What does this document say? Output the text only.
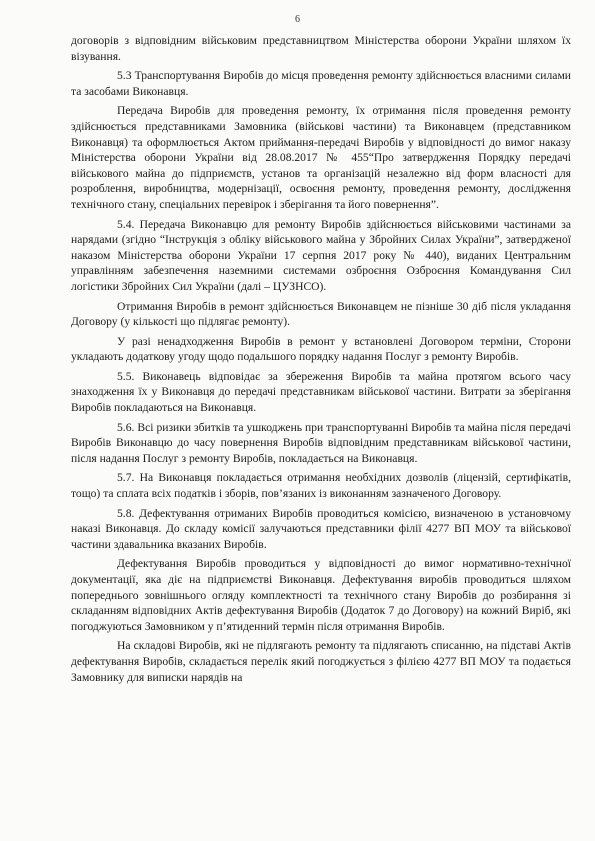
6

договорів з відповідним військовим представництвом Міністерства оборони України шляхом їх візування.

5.3 Транспортування Виробів до місця проведення ремонту здійснюється власними силами та засобами Виконавця.

Передача Виробів для проведення ремонту, їх отримання після проведення ремонту здійснюється представниками Замовника (військові частини) та Виконавцем (представником Виконавця) та оформлюється Актом приймання-передачі Виробів у відповідності до вимог наказу Міністерства оборони України від 28.08.2017 № 455“Про затвердження Порядку передачі військового майна до підприємств, установ та організацій незалежно від форм власності для розроблення, виробництва, модернізації, освоєння ремонту, проведення ремонту, дослідження технічного стану, спеціальних перевірок і зберігання та його повернення”.

5.4. Передача Виконавцю для ремонту Виробів здійснюється військовими частинами за нарядами (згідно “Інструкція з обліку військового майна у Збройних Силах України”, затвердженої наказом Міністерства оборони України 17 серпня 2017 року № 440), виданих Центральним управлінням забезпечення наземними системами озброєння Озброєння Командування Сил логістики Збройних Сил України (далі – ЦУЗНСО).

Отримання Виробів в ремонт здійснюється Виконавцем не пізніше 30 діб після укладання Договору (у кількості що підлягає ремонту).

У разі ненадходження Виробів в ремонт у встановлені Договором терміни, Сторони укладають додаткову угоду щодо подальшого порядку надання Послуг з ремонту Виробів.

5.5. Виконавець відповідає за збереження Виробів та майна протягом всього часу знаходження їх у Виконавця до передачі представникам військової частини. Витрати за зберігання Виробів покладаються на Виконавця.

5.6. Всі ризики збитків та ушкоджень при транспортуванні Виробів та майна після передачі Виробів Виконавцю до часу повернення Виробів відповідним представникам військової частини, після надання Послуг з ремонту Виробів, покладається на Виконавця.

5.7. На Виконавця покладається отримання необхідних дозволів (ліцензій, сертифікатів, тощо) та сплата всіх податків і зборів, пов’язаних із виконанням зазначеного Договору.

5.8. Дефектування отриманих Виробів проводиться комісією, визначеною в установчому наказі Виконавця. До складу комісії залучаються представники філії 4277 ВП МОУ та військової частини здавальника вказаних Виробів.

Дефектування Виробів проводиться у відповідності до вимог нормативно-технічної документації, яка діє на підприємстві Виконавця. Дефектування виробів проводиться шляхом попереднього зовнішнього огляду комплектності та технічного стану Виробів до розбирання зі складанням відповідних Актів дефектування Виробів (Додаток 7 до Договору) на кожний Виріб, які погоджуються Замовником у п’ятиденний термін після отримання Виробів.

На складові Виробів, які не підлягають ремонту та підлягають списанню, на підставі Актів дефектування Виробів, складається перелік який погоджується з філією 4277 ВП МОУ та подається Замовнику для виписки нарядів на
